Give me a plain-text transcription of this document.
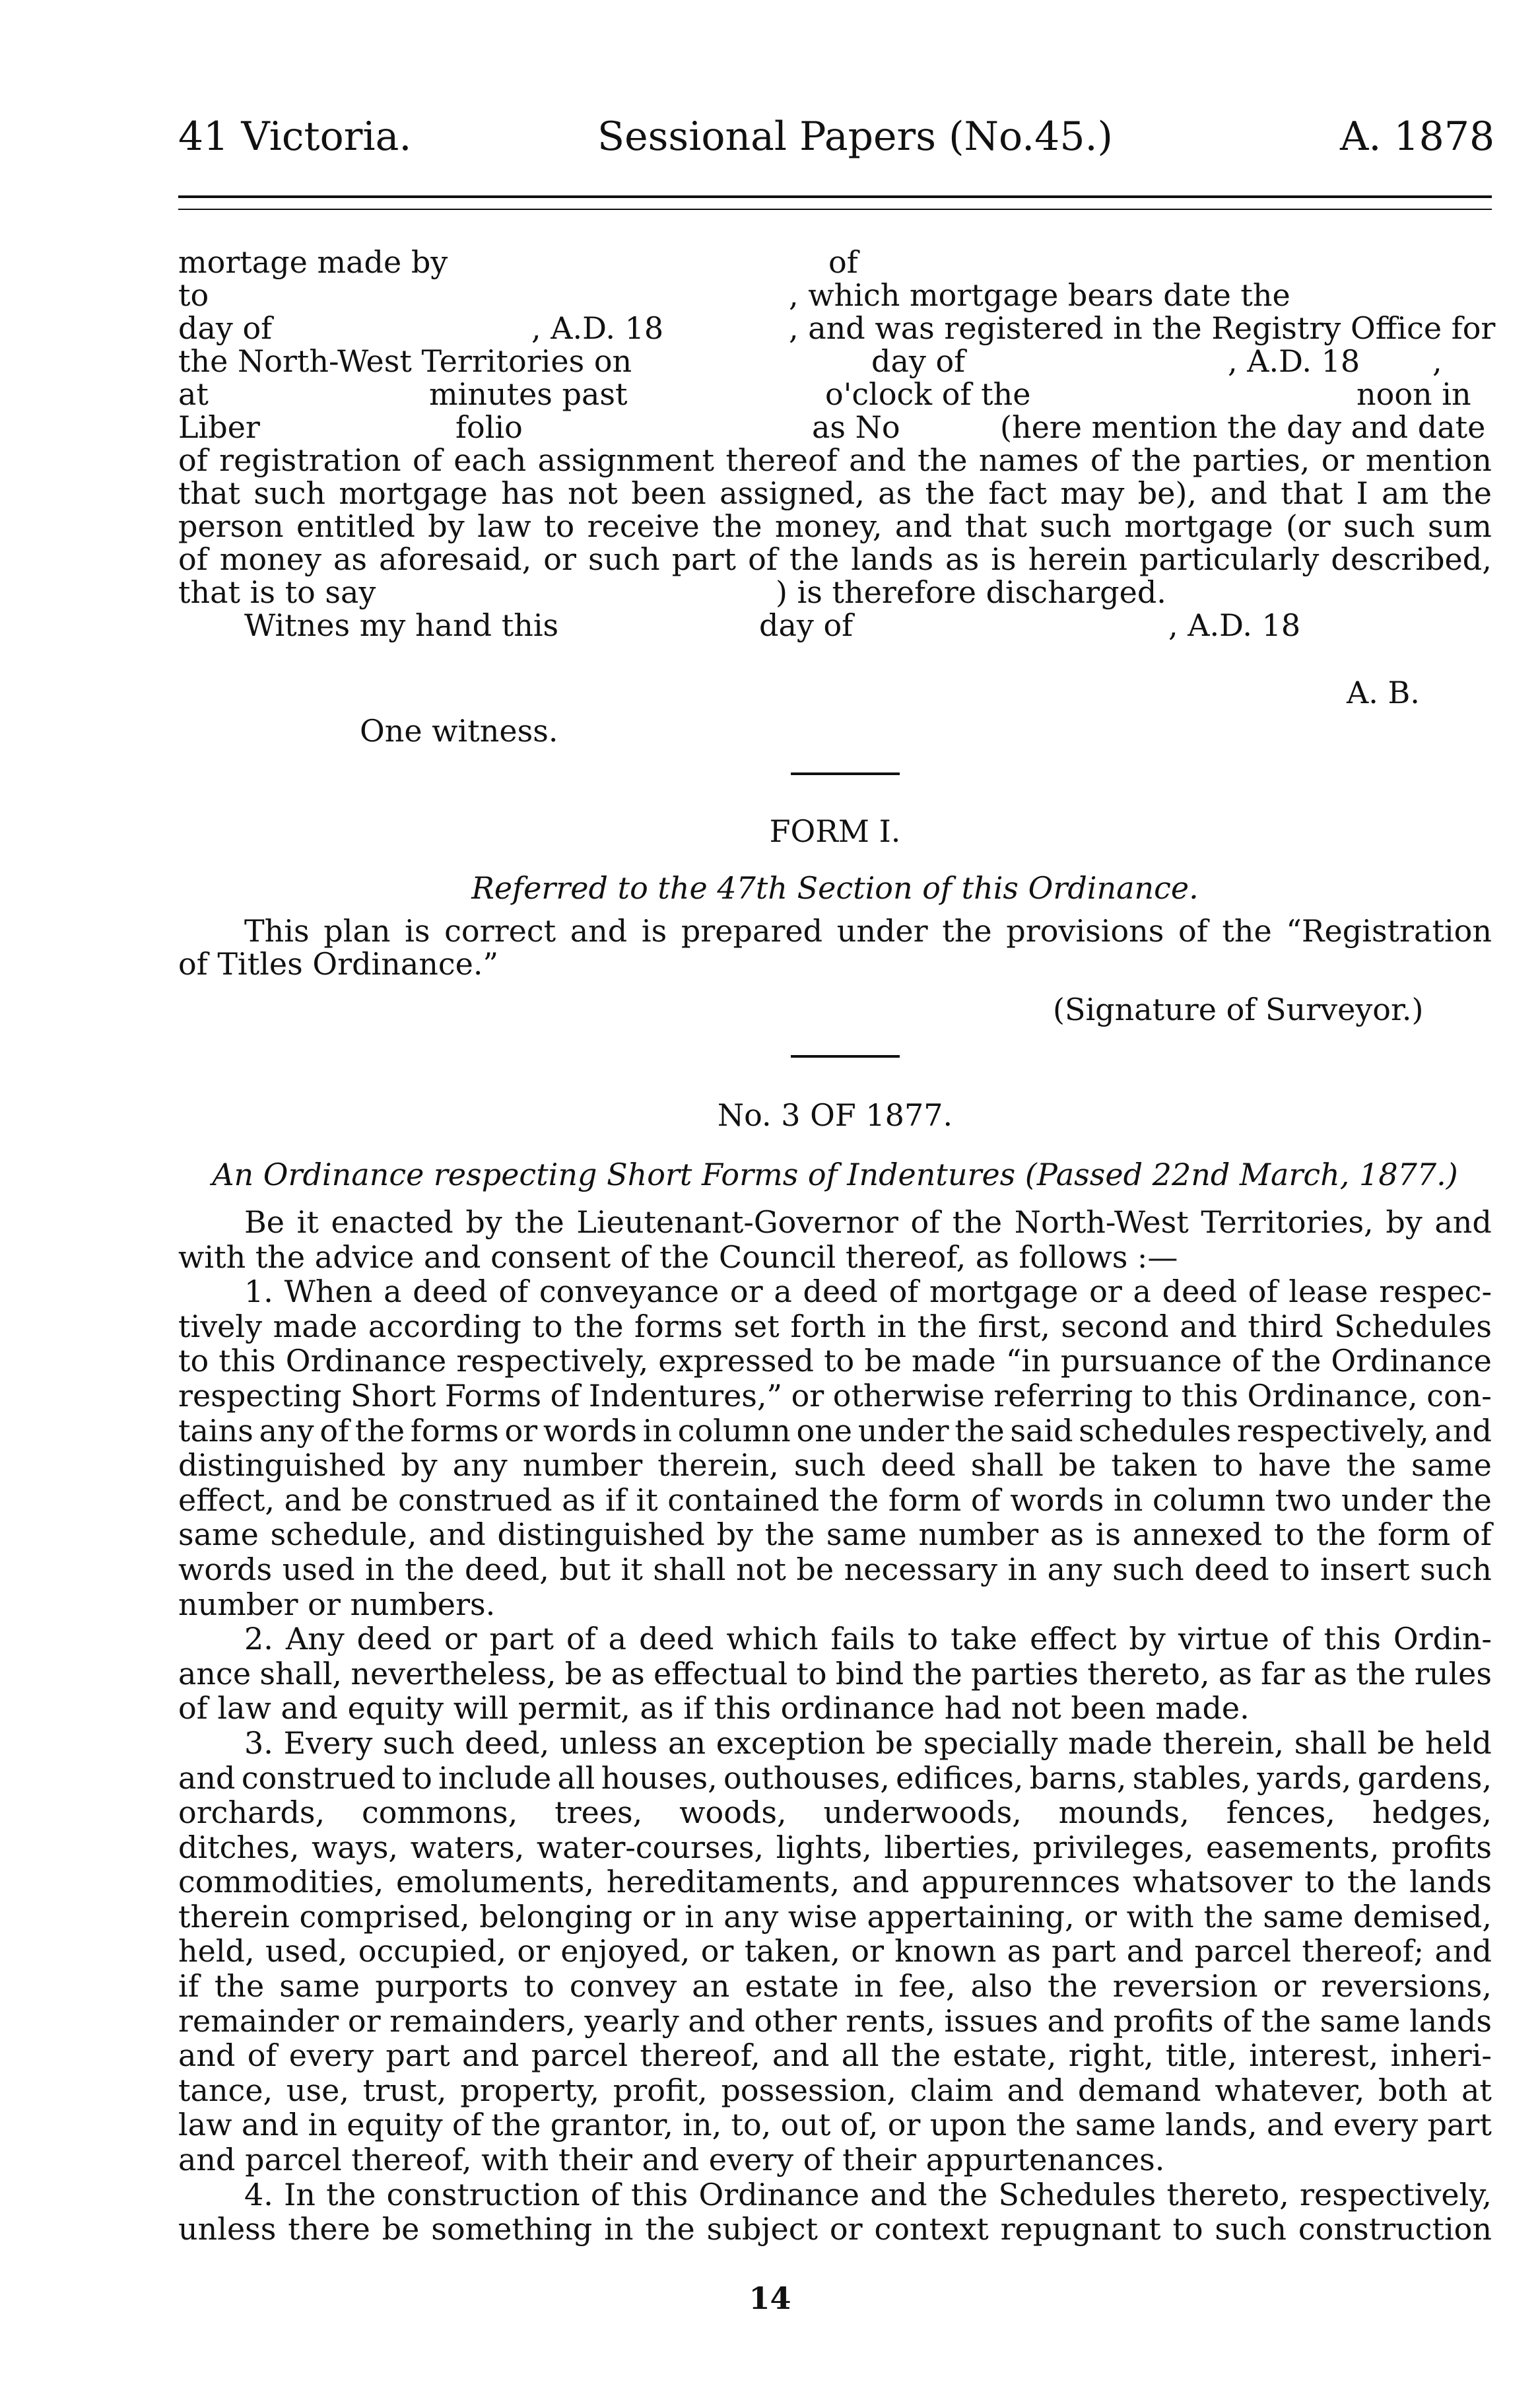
41 Victoria.	Sessional Papers (No.45.)	A. 1878
mortage made by	of
to	, which mortgage bears date the
day of	, A.D. 18	, and was registered in the Registry Office for
the North-West Territories on	day of	, A.D. 18 ,
at	minutes past	o'clock of the	noon in
Liber	folio	as No	(here mention the day and date
of registration of each assignment thereof and the names of the parties, or mention
that such mortgage has not been assigned, as the fact may be), and that I am the
person entitled by law to receive the money, and that such mortgage (or such sum
of money as aforesaid, or such part of the lands as is herein particularly described,
that is to say	) is therefore discharged.
Witnes my hand this	day of	, A.D. 18
A. B.
One witness.
FORM I.
Referred to the 47th Section of this Ordinance.
This plan is correct and is prepared under the provisions of the “Registration
of Titles Ordinance.”
(Signature of Surveyor.)
No. 3 OF 1877.
An Ordinance respecting Short Forms of Indentures (Passed 22nd March, 1877.)
Be it enacted by the Lieutenant-Governor of the North-West Territories, by and
with the advice and consent of the Council thereof, as follows :—
1. When a deed of conveyance or a deed of mortgage or a deed of lease respec-
tively made according to the forms set forth in the first, second and third Schedules
to this Ordinance respectively, expressed to be made “in pursuance of the Ordinance
respecting Short Forms of Indentures,” or otherwise referring to this Ordinance, con-
tains any of the forms or words in column one under the said schedules respectively, and
distinguished by any number therein, such deed shall be taken to have the same
effect, and be construed as if it contained the form of words in column two under the
same schedule, and distinguished by the same number as is annexed to the form of
words used in the deed, but it shall not be necessary in any such deed to insert such
number or numbers.
2. Any deed or part of a deed which fails to take effect by virtue of this Ordin-
ance shall, nevertheless, be as effectual to bind the parties thereto, as far as the rules
of law and equity will permit, as if this ordinance had not been made.
3. Every such deed, unless an exception be specially made therein, shall be held
and construed to include all houses, outhouses, edifices, barns, stables, yards, gardens,
orchards, commons, trees, woods, underwoods, mounds, fences, hedges,
ditches, ways, waters, water-courses, lights, liberties, privileges, easements, profits
commodities, emoluments, hereditaments, and appurennces whatsover to the lands
therein comprised, belonging or in any wise appertaining, or with the same demised,
held, used, occupied, or enjoyed, or taken, or known as part and parcel thereof; and
if the same purports to convey an estate in fee, also the reversion or reversions,
remainder or remainders, yearly and other rents, issues and profits of the same lands
and of every part and parcel thereof, and all the estate, right, title, interest, inheri-
tance, use, trust, property, profit, possession, claim and demand whatever, both at
law and in equity of the grantor, in, to, out of, or upon the same lands, and every part
and parcel thereof, with their and every of their appurtenances.
4. In the construction of this Ordinance and the Schedules thereto, respectively,
unless there be something in the subject or context repugnant to such construction
14
